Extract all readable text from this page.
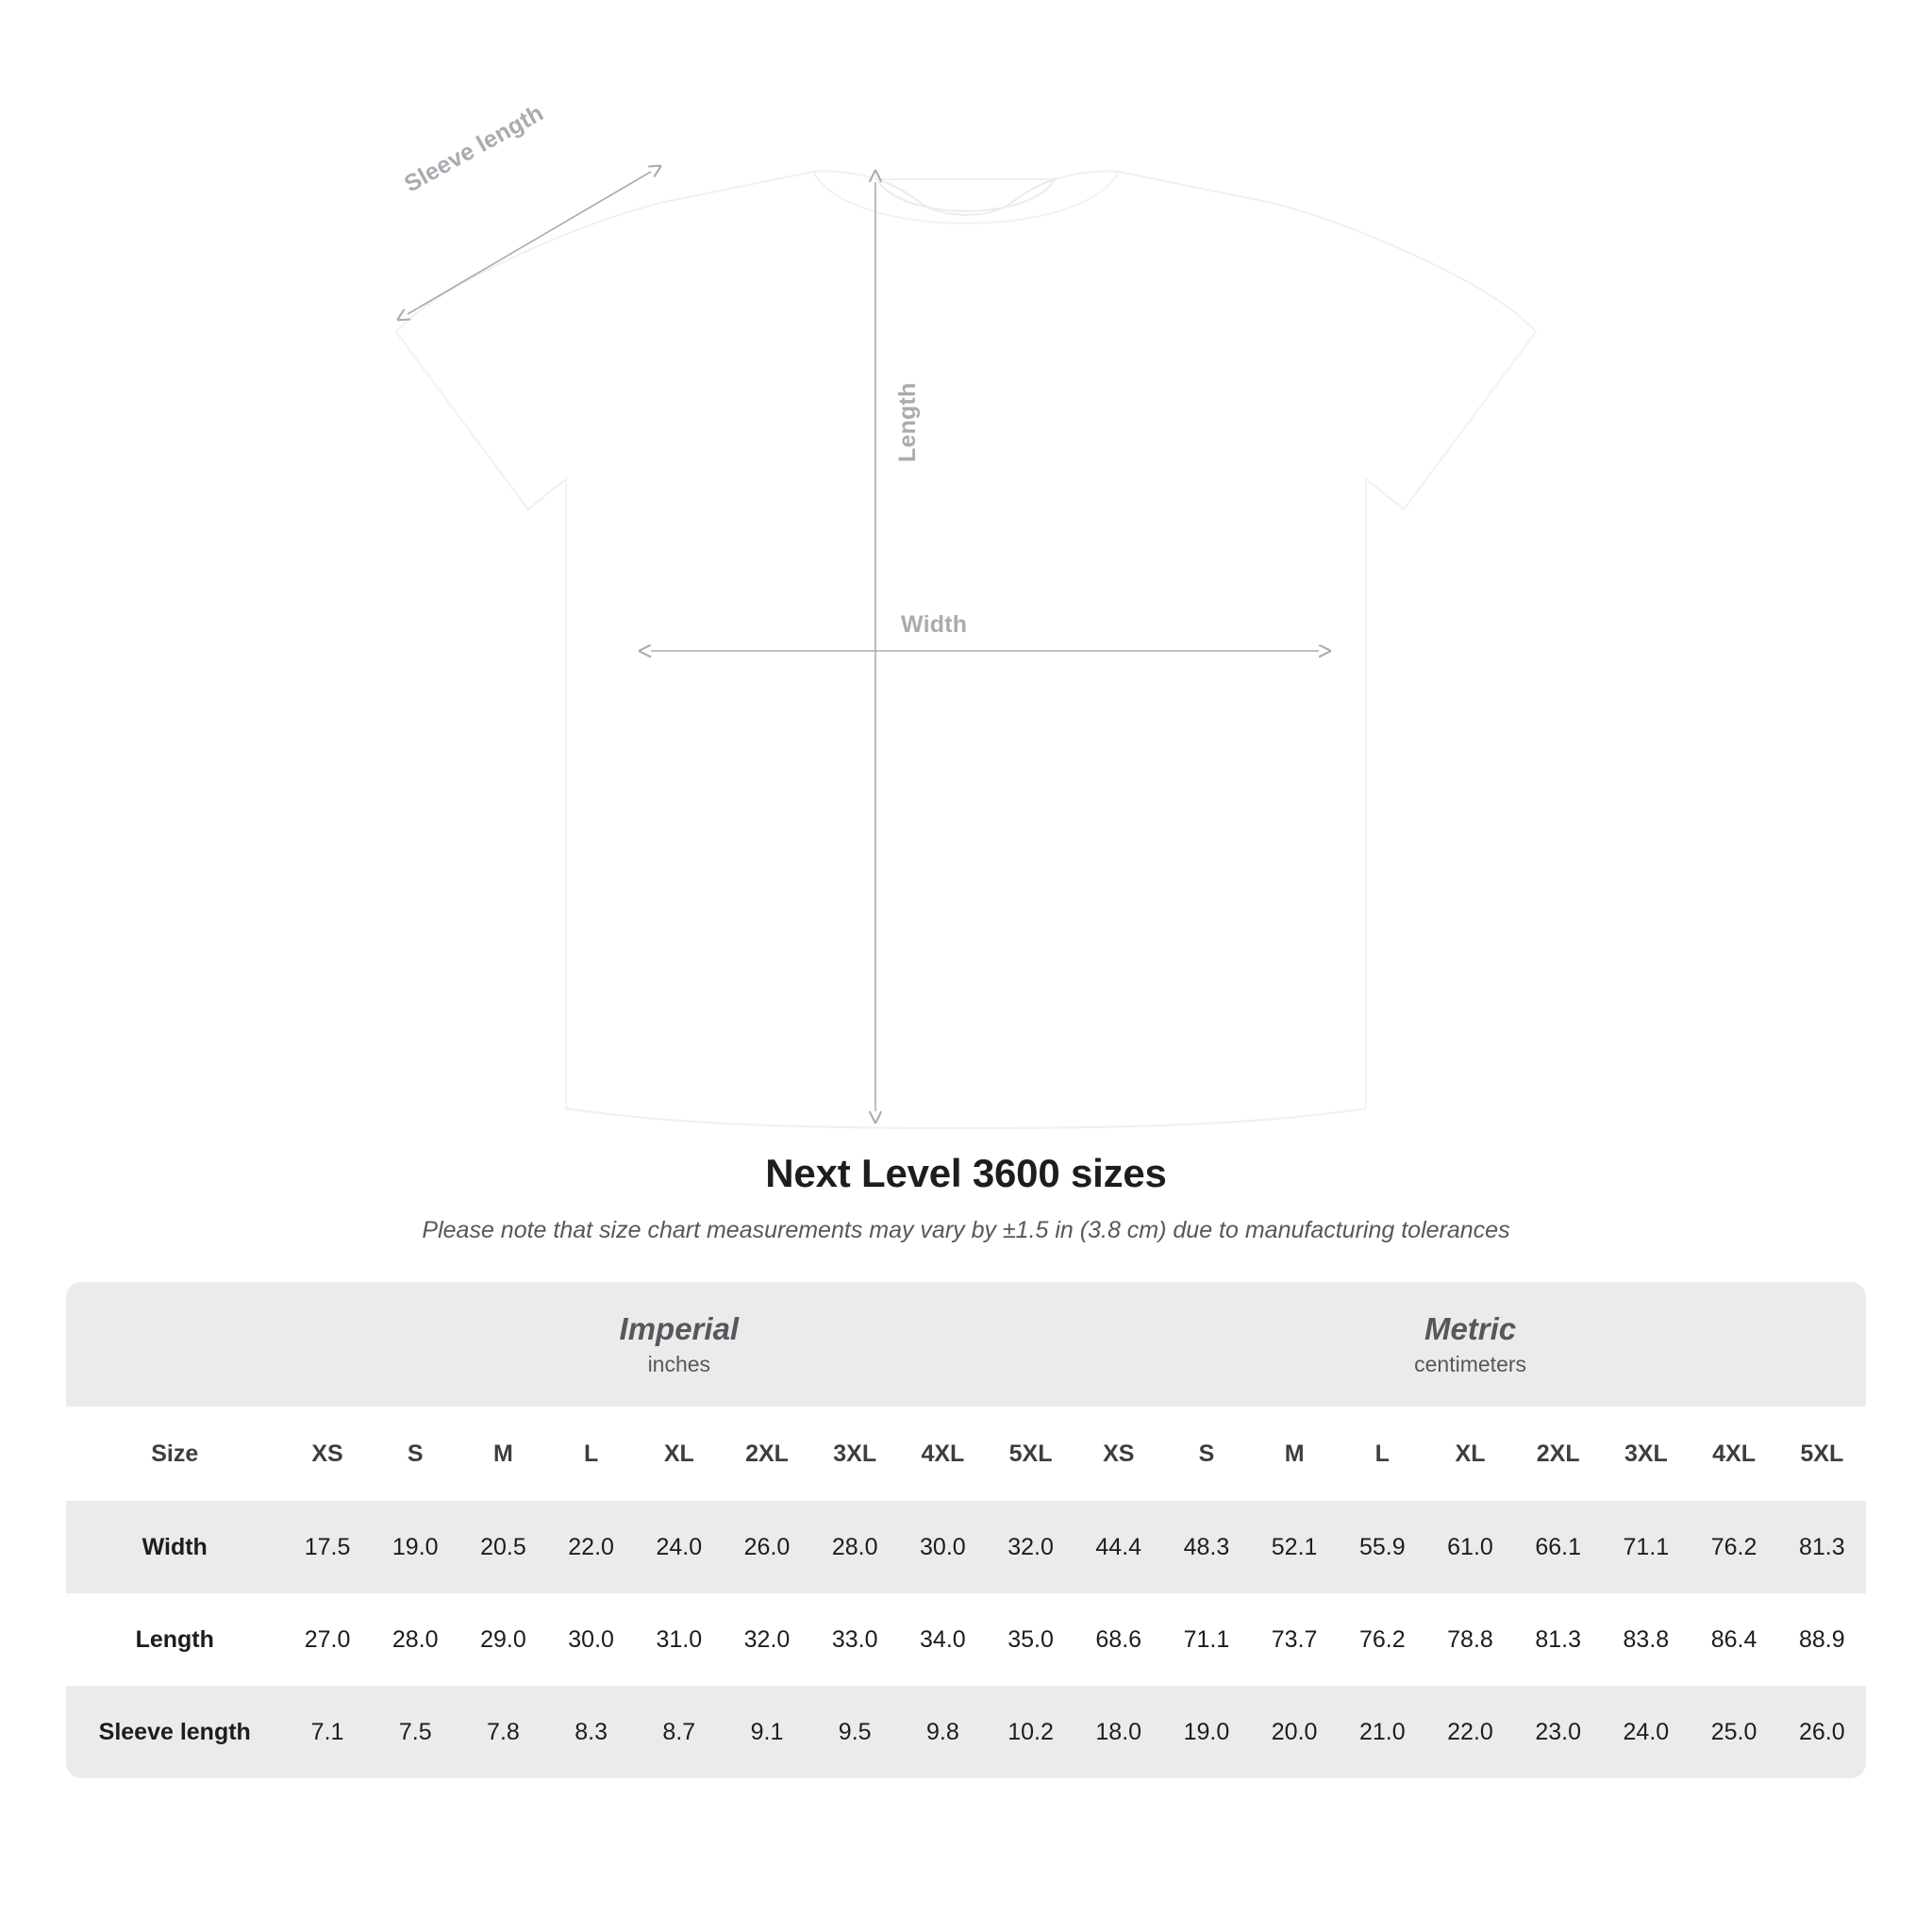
Sleeve length
Length
Width
Next Level 3600 sizes
Please note that size chart measurements may vary by ±1.5 in (3.8 cm) due to manufacturing tolerances

	Imperial
inches									Metric
centimeters								

Size	XS	S	M	L	XL	2XL	3XL	4XL	5XL	XS	S	M	L	XL	2XL	3XL	4XL	5XL
Width	17.5	19.0	20.5	22.0	24.0	26.0	28.0	30.0	32.0	44.4	48.3	52.1	55.9	61.0	66.1	71.1	76.2	81.3
Length	27.0	28.0	29.0	30.0	31.0	32.0	33.0	34.0	35.0	68.6	71.1	73.7	76.2	78.8	81.3	83.8	86.4	88.9
Sleeve length	7.1	7.5	7.8	8.3	8.7	9.1	9.5	9.8	10.2	18.0	19.0	20.0	21.0	22.0	23.0	24.0	25.0	26.0
